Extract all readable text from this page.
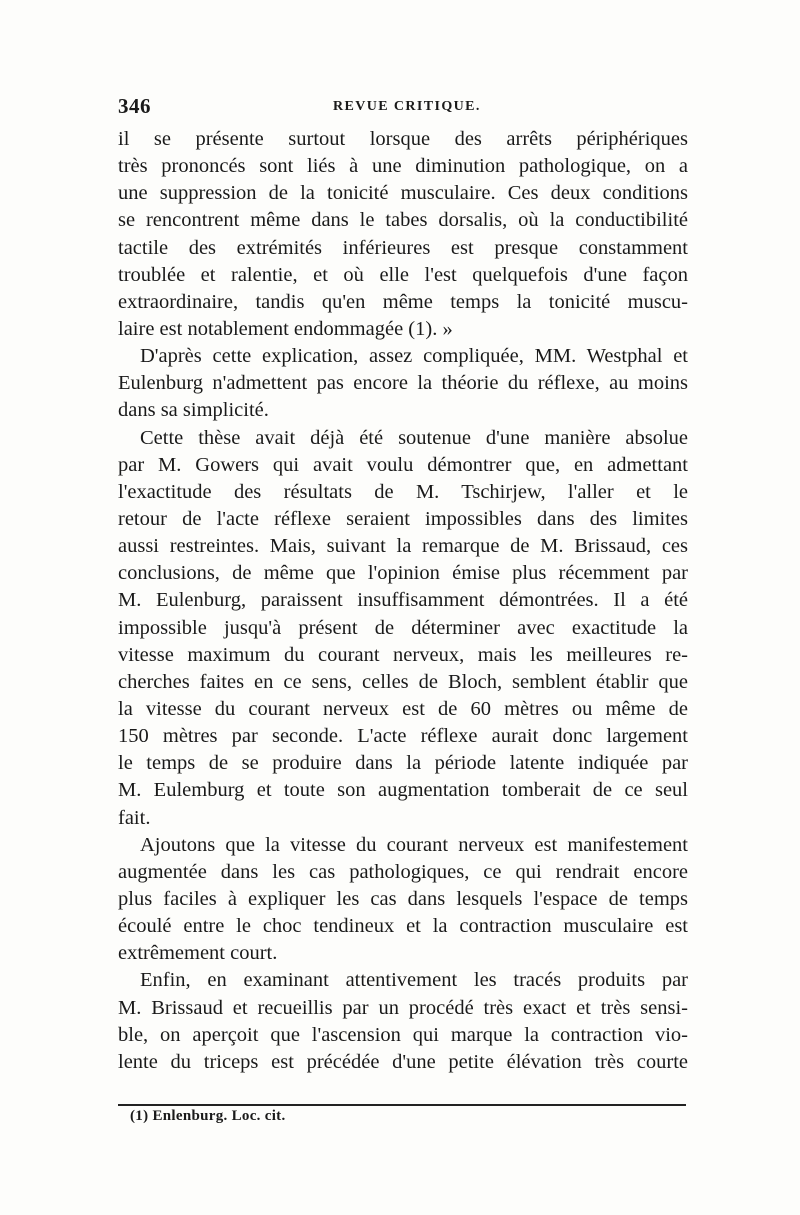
346	REVUE CRITIQUE.
il se présente surtout lorsque des arrêts périphériques
très prononcés sont liés à une diminution pathologique, on a
une suppression de la tonicité musculaire. Ces deux conditions
se rencontrent même dans le tabes dorsalis, où la conductibilité
tactile des extrémités inférieures est presque constamment
troublée et ralentie, et où elle l'est quelquefois d'une façon
extraordinaire, tandis qu'en même temps la tonicité muscu-
laire est notablement endommagée (1). »
D'après cette explication, assez compliquée, MM. Westphal et
Eulenburg n'admettent pas encore la théorie du réflexe, au moins
dans sa simplicité.
Cette thèse avait déjà été soutenue d'une manière absolue
par M. Gowers qui avait voulu démontrer que, en admettant
l'exactitude des résultats de M. Tschirjew, l'aller et le
retour de l'acte réflexe seraient impossibles dans des limites
aussi restreintes. Mais, suivant la remarque de M. Brissaud, ces
conclusions, de même que l'opinion émise plus récemment par
M. Eulenburg, paraissent insuffisamment démontrées. Il a été
impossible jusqu'à présent de déterminer avec exactitude la
vitesse maximum du courant nerveux, mais les meilleures re-
cherches faites en ce sens, celles de Bloch, semblent établir que
la vitesse du courant nerveux est de 60 mètres ou même de
150 mètres par seconde. L'acte réflexe aurait donc largement
le temps de se produire dans la période latente indiquée par
M. Eulemburg et toute son augmentation tomberait de ce seul
fait.
Ajoutons que la vitesse du courant nerveux est manifestement
augmentée dans les cas pathologiques, ce qui rendrait encore
plus faciles à expliquer les cas dans lesquels l'espace de temps
écoulé entre le choc tendineux et la contraction musculaire est
extrêmement court.
Enfin, en examinant attentivement les tracés produits par
M. Brissaud et recueillis par un procédé très exact et très sensi-
ble, on aperçoit que l'ascension qui marque la contraction vio-
lente du triceps est précédée d'une petite élévation très courte
(1) Enlenburg. Loc. cit.
